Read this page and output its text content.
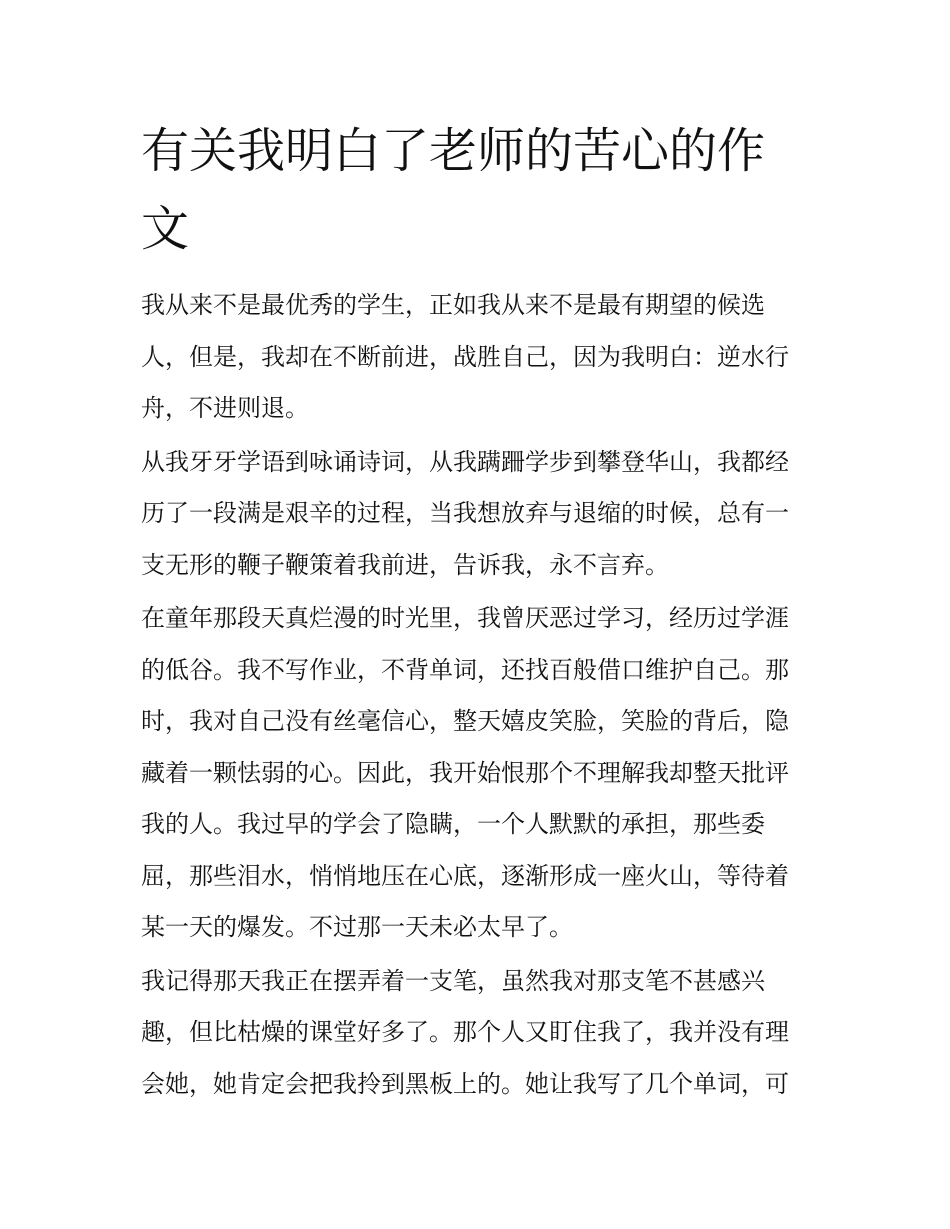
有关我明白了老师的苦心的作
文

我从来不是最优秀的学生，正如我从来不是最有期望的候选
人，但是，我却在不断前进，战胜自己，因为我明白：逆水行
舟，不进则退。

从我牙牙学语到咏诵诗词，从我蹒跚学步到攀登华山，我都经
历了一段满是艰辛的过程，当我想放弃与退缩的时候，总有一
支无形的鞭子鞭策着我前进，告诉我，永不言弃。

在童年那段天真烂漫的时光里，我曾厌恶过学习，经历过学涯
的低谷。我不写作业，不背单词，还找百般借口维护自己。那
时，我对自己没有丝毫信心，整天嬉皮笑脸，笑脸的背后，隐
藏着一颗怯弱的心。因此，我开始恨那个不理解我却整天批评
我的人。我过早的学会了隐瞒，一个人默默的承担，那些委
屈，那些泪水，悄悄地压在心底，逐渐形成一座火山，等待着
某一天的爆发。不过那一天未必太早了。

我记得那天我正在摆弄着一支笔，虽然我对那支笔不甚感兴
趣，但比枯燥的课堂好多了。那个人又盯住我了，我并没有理
会她，她肯定会把我拎到黑板上的。她让我写了几个单词，可
